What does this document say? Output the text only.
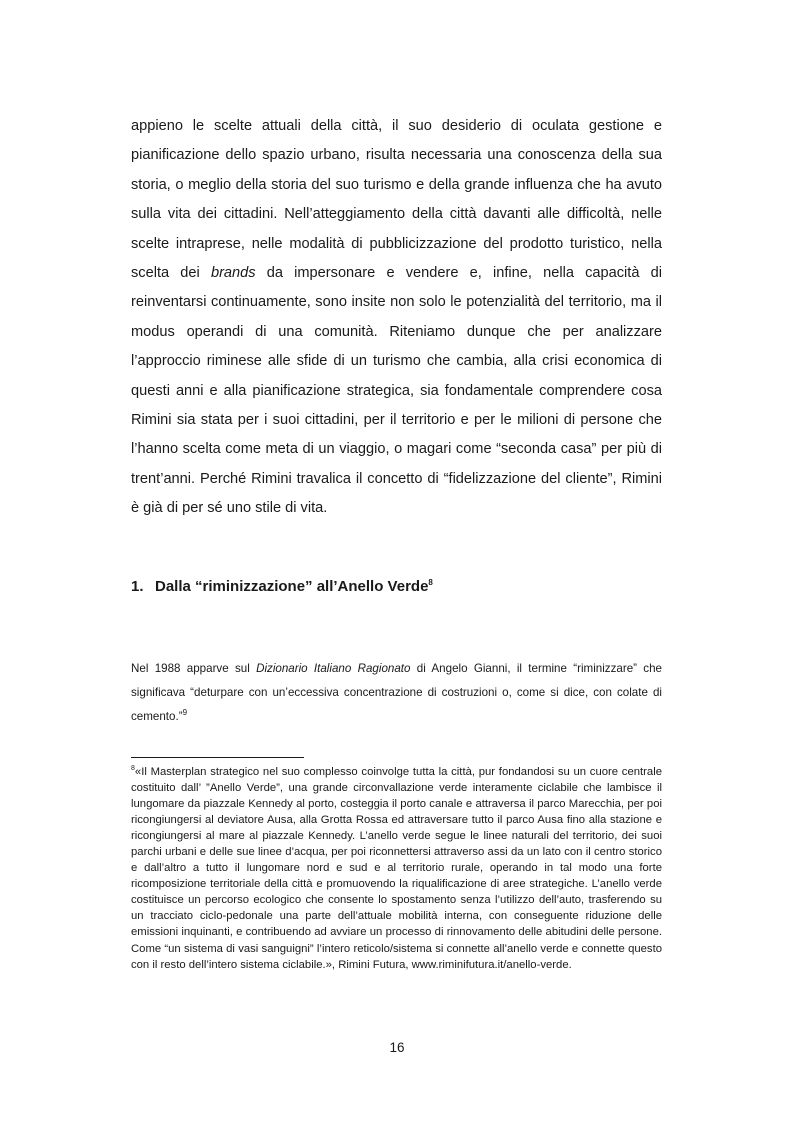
appieno le scelte attuali della città, il suo desiderio di oculata gestione e pianificazione dello spazio urbano, risulta necessaria una conoscenza della sua storia, o meglio della storia del suo turismo e della grande influenza che ha avuto sulla vita dei cittadini. Nell’atteggiamento della città davanti alle difficoltà, nelle scelte intraprese, nelle modalità di pubblicizzazione del prodotto turistico, nella scelta dei brands da impersonare e vendere e, infine, nella capacità di reinventarsi continuamente, sono insite non solo le potenzialità del territorio, ma il modus operandi di una comunità. Riteniamo dunque che per analizzare l’approccio riminese alle sfide di un turismo che cambia, alla crisi economica di questi anni e alla pianificazione strategica, sia fondamentale comprendere cosa Rimini sia stata per i suoi cittadini, per il territorio e per le milioni di persone che l’hanno scelta come meta di un viaggio, o magari come “seconda casa” per più di trent’anni. Perché Rimini travalica il concetto di “fidelizzazione del cliente”, Rimini è già di per sé uno stile di vita.

1. Dalla “riminizzazione” all’Anello Verde$^8$

Nel 1988 apparve sul Dizionario Italiano Ragionato di Angelo Gianni, il termine “riminizzare” che significava “deturpare con un’eccessiva concentrazione di costruzioni o, come si dice, con colate di cemento.”$^9$

$^8$«Il Masterplan strategico nel suo complesso coinvolge tutta la città, pur fondandosi su un cuore centrale costituito dall’ ”Anello Verde”, una grande circonvallazione verde interamente ciclabile che lambisce il lungomare da piazzale Kennedy al porto, costeggia il porto canale e attraversa il parco Marecchia, per poi ricongiungersi al deviatore Ausa, alla Grotta Rossa ed attraversare tutto il parco Ausa fino alla stazione e ricongiungersi al mare al piazzale Kennedy. L’anello verde segue le linee naturali del territorio, dei suoi parchi urbani e delle sue linee d’acqua, per poi riconnettersi attraverso assi da un lato con il centro storico e dall’altro a tutto il lungomare nord e sud e al territorio rurale, operando in tal modo una forte ricomposizione territoriale della città e promuovendo la riqualificazione di aree strategiche. L’anello verde costituisce un percorso ecologico che consente lo spostamento senza l’utilizzo dell’auto, trasferendo su un tracciato ciclo-pedonale una parte dell’attuale mobilità interna, con conseguente riduzione delle emissioni inquinanti, e contribuendo ad avviare un processo di rinnovamento delle abitudini delle persone. Come “un sistema di vasi sanguigni” l’intero reticolo/sistema si connette all’anello verde e connette questo con il resto dell’intero sistema ciclabile.», Rimini Futura, www.riminifutura.it/anello-verde.

16
